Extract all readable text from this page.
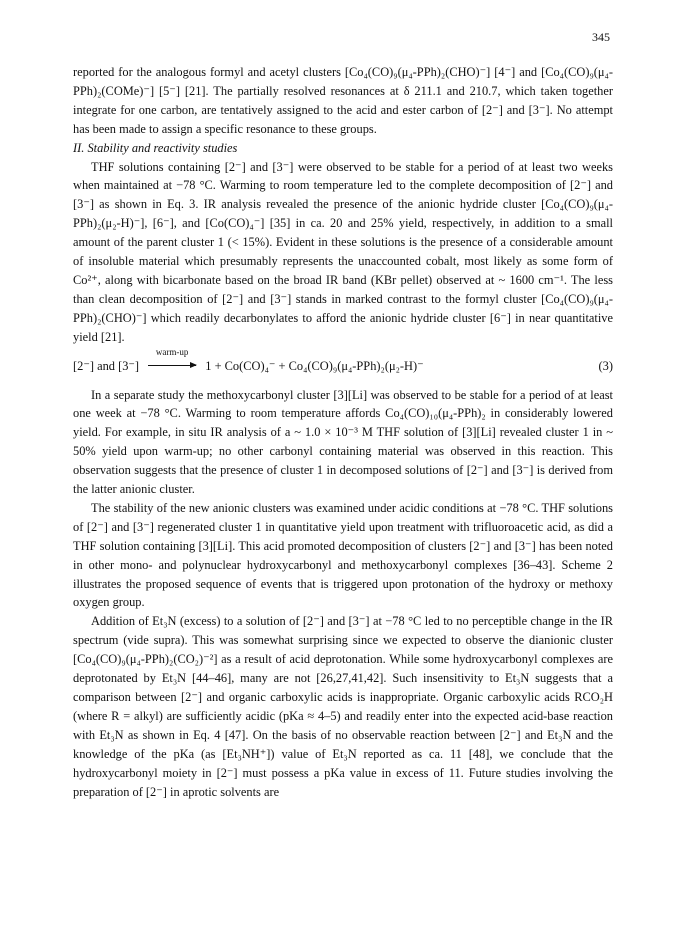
345

reported for the analogous formyl and acetyl clusters [Co₄(CO)₉(μ₄-PPh)₂(CHO)⁻] [4⁻] and [Co₄(CO)₉(μ₄-PPh)₂(COMe)⁻] [5⁻] [21]. The partially resolved resonances at δ 211.1 and 210.7, which taken together integrate for one carbon, are tentatively assigned to the acid and ester carbon of [2⁻] and [3⁻]. No attempt has been made to assign a specific resonance to these groups.

II. Stability and reactivity studies

THF solutions containing [2⁻] and [3⁻] were observed to be stable for a period of at least two weeks when maintained at −78 °C. Warming to room temperature led to the complete decomposition of [2⁻] and [3⁻] as shown in Eq. 3. IR analysis revealed the presence of the anionic hydride cluster [Co₄(CO)₉(μ₄-PPh)₂(μ₂-H)⁻], [6⁻], and [Co(CO)₄⁻] [35] in ca. 20 and 25% yield, respectively, in addition to a small amount of the parent cluster 1 (< 15%). Evident in these solutions is the presence of a considerable amount of insoluble material which presumably represents the unaccounted cobalt, most likely as some form of Co²⁺, along with bicarbonate based on the broad IR band (KBr pellet) observed at ~ 1600 cm⁻¹. The less than clean decomposition of [2⁻] and [3⁻] stands in marked contrast to the formyl cluster [Co₄(CO)₉(μ₄-PPh)₂(CHO)⁻] which readily decarbonylates to afford the anionic hydride cluster [6⁻] in near quantitative yield [21].

[2⁻] and [3⁻]
warm-up
1 + Co(CO)₄⁻ + Co₄(CO)₉(μ₄-PPh)₂(μ₂-H)⁻	(3)

In a separate study the methoxycarbonyl cluster [3][Li] was observed to be stable for a period of at least one week at −78 °C. Warming to room temperature affords Co₄(CO)₁₀(μ₄-PPh)₂ in considerably lowered yield. For example, in situ IR analysis of a ~ 1.0 × 10⁻³ M THF solution of [3][Li] revealed cluster 1 in ~ 50% yield upon warm-up; no other carbonyl containing material was observed in this reaction. This observation suggests that the presence of cluster 1 in decomposed solutions of [2⁻] and [3⁻] is derived from the latter anionic cluster.

The stability of the new anionic clusters was examined under acidic conditions at −78 °C. THF solutions of [2⁻] and [3⁻] regenerated cluster 1 in quantitative yield upon treatment with trifluoroacetic acid, as did a THF solution containing [3][Li]. This acid promoted decomposition of clusters [2⁻] and [3⁻] has been noted in other mono- and polynuclear hydroxycarbonyl and methoxycarbonyl complexes [36–43]. Scheme 2 illustrates the proposed sequence of events that is triggered upon protonation of the hydroxy or methoxy oxygen group.

Addition of Et₃N (excess) to a solution of [2⁻] and [3⁻] at −78 °C led to no perceptible change in the IR spectrum (vide supra). This was somewhat surprising since we expected to observe the dianionic cluster [Co₄(CO)₉(μ₄-PPh)₂(CO₂)⁻²] as a result of acid deprotonation. While some hydroxycarbonyl complexes are deprotonated by Et₃N [44–46], many are not [26,27,41,42]. Such insensitivity to Et₃N suggests that a comparison between [2⁻] and organic carboxylic acids is inappropriate. Organic carboxylic acids RCO₂H (where R = alkyl) are sufficiently acidic (pKa ≈ 4–5) and readily enter into the expected acid-base reaction with Et₃N as shown in Eq. 4 [47]. On the basis of no observable reaction between [2⁻] and Et₃N and the knowledge of the pKa (as [Et₃NH⁺]) value of Et₃N reported as ca. 11 [48], we conclude that the hydroxycarbonyl moiety in [2⁻] must possess a pKa value in excess of 11. Future studies involving the preparation of [2⁻] in aprotic solvents are
